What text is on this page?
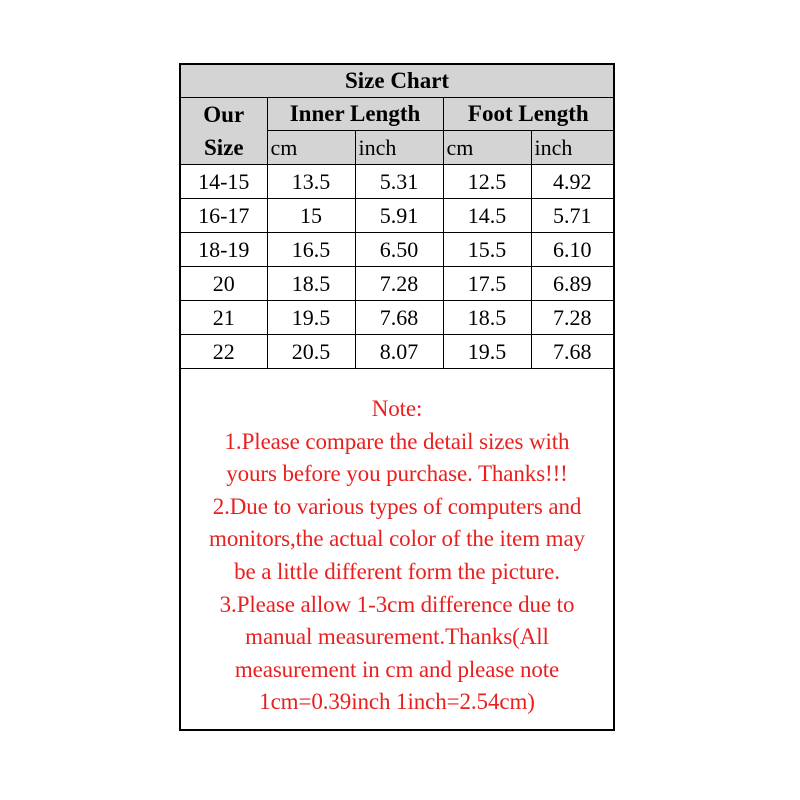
Size Chart				

Our
Size	Inner Length		Foot Length	
	cm	inch	cm	inch
14-15	13.5	5.31	12.5	4.92
16-17	15	5.91	14.5	5.71
18-19	16.5	6.50	15.5	6.10
20	18.5	7.28	17.5	6.89
21	19.5	7.68	18.5	7.28
22	20.5	8.07	19.5	7.68
Note:
1.Please compare the detail sizes with
yours before you purchase. Thanks!!!
2.Due to various types of computers and
monitors,the actual color of the item may
be a little different form the picture.
3.Please allow 1-3cm difference due to
manual measurement.Thanks(All
measurement in cm and please note
1cm=0.39inch 1inch=2.54cm)
